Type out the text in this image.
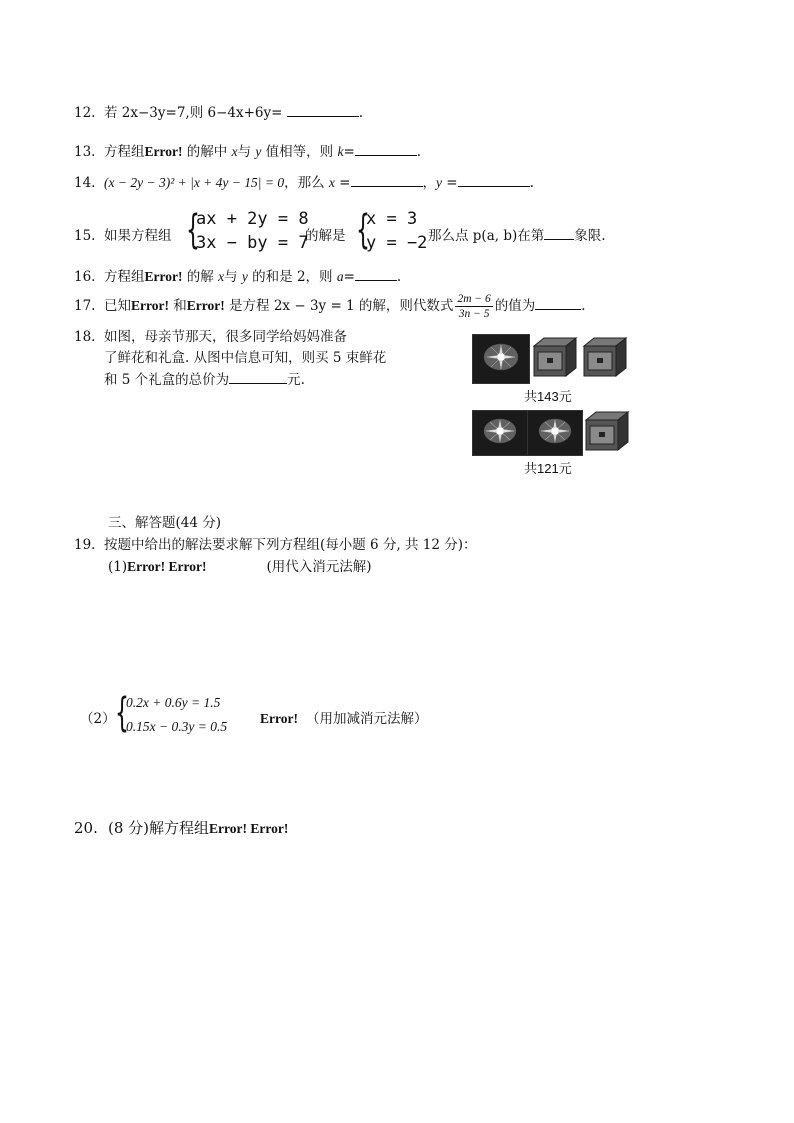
12. 若 2x−3y=7,则 6−4x+6y=	.
13. 方程组Error! 的解中 x与 y 值相等，则 k=	.
14. (x − 2y − 3)² + |x + 4y − 15| = 0，那么 x =	，y =	.
15. 如果方程组 {
ax + 2y = 8
3x − by = 7
的解是 {
x = 3
y = −2 那么点 p(a, b)在第 象限.
16. 方程组Error! 的解 x与 y 的和是 2，则 a=	.
17. 已知Error! 和Error! 是方程 2x − 3y = 1 的解，则代数式 $\frac{2m - 6}{3n - 5}$ 的值为	.
18. 如图，母亲节那天，很多同学给妈妈准备
了鲜花和礼盒. 从图中信息可知，则买 5 束鲜花
和 5 个礼盒的总价为	元.
共143元
共121元
三、解答题(44 分)
19. 按题中给出的解法要求解下列方程组(每小题 6 分, 共 12 分)：
(1)Error! Error!	(用代入消元法解)
（2） {
0.2x + 0.6y = 1.5
0.15x − 0.3y = 0.5
Error! （用加减消元法解）
20. (8 分)解方程组Error! Error!
